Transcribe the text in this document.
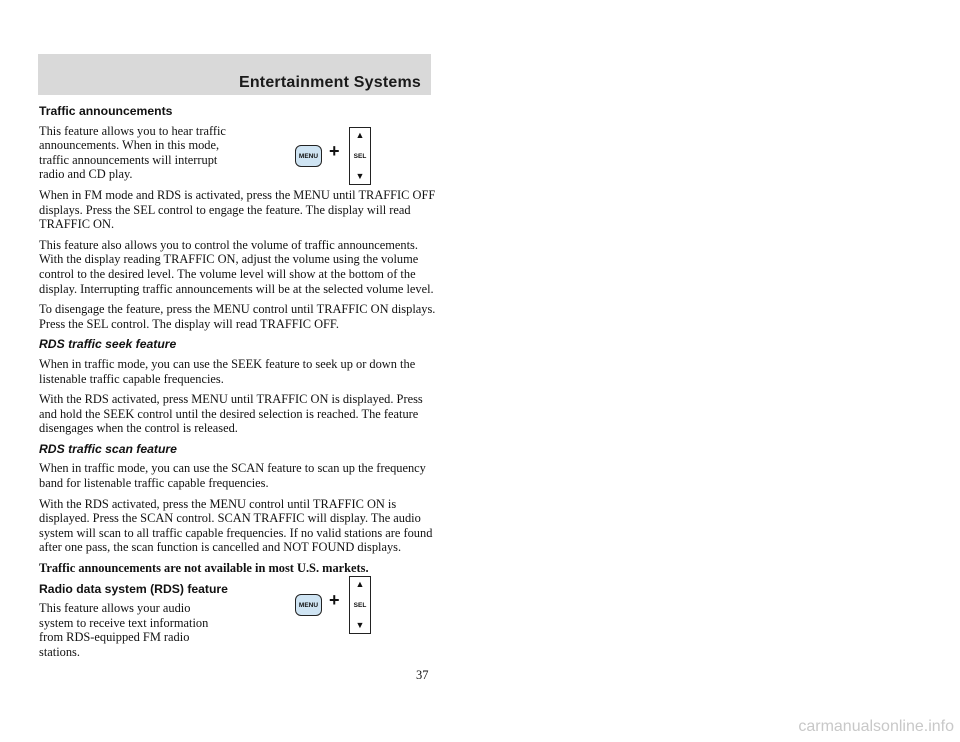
Entertainment Systems
Traffic announcements

This feature allows you to hear traffic announcements. When in this mode, traffic announcements will interrupt radio and CD play.

When in FM mode and RDS is activated, press the MENU until TRAFFIC OFF displays. Press the SEL control to engage the feature. The display will read TRAFFIC ON.

This feature also allows you to control the volume of traffic announcements. With the display reading TRAFFIC ON, adjust the volume using the volume control to the desired level. The volume level will show at the bottom of the display. Interrupting traffic announcements will be at the selected volume level.

To disengage the feature, press the MENU control until TRAFFIC ON displays. Press the SEL control. The display will read TRAFFIC OFF.

RDS traffic seek feature

When in traffic mode, you can use the SEEK feature to seek up or down the listenable traffic capable frequencies.

With the RDS activated, press MENU until TRAFFIC ON is displayed. Press and hold the SEEK control until the desired selection is reached. The feature disengages when the control is released.

RDS traffic scan feature

When in traffic mode, you can use the SCAN feature to scan up the frequency band for listenable traffic capable frequencies.

With the RDS activated, press the MENU control until TRAFFIC ON is displayed. Press the SCAN control. SCAN TRAFFIC will display. The audio system will scan to all traffic capable frequencies. If no valid stations are found after one pass, the scan function is cancelled and NOT FOUND displays.

Traffic announcements are not available in most U.S. markets.

Radio data system (RDS) feature

This feature allows your audio system to receive text information from RDS-equipped FM radio stations.

MENU +
▲
SEL
▼
MENU +
▲
SEL
▼
37
carmanualsonline.info
